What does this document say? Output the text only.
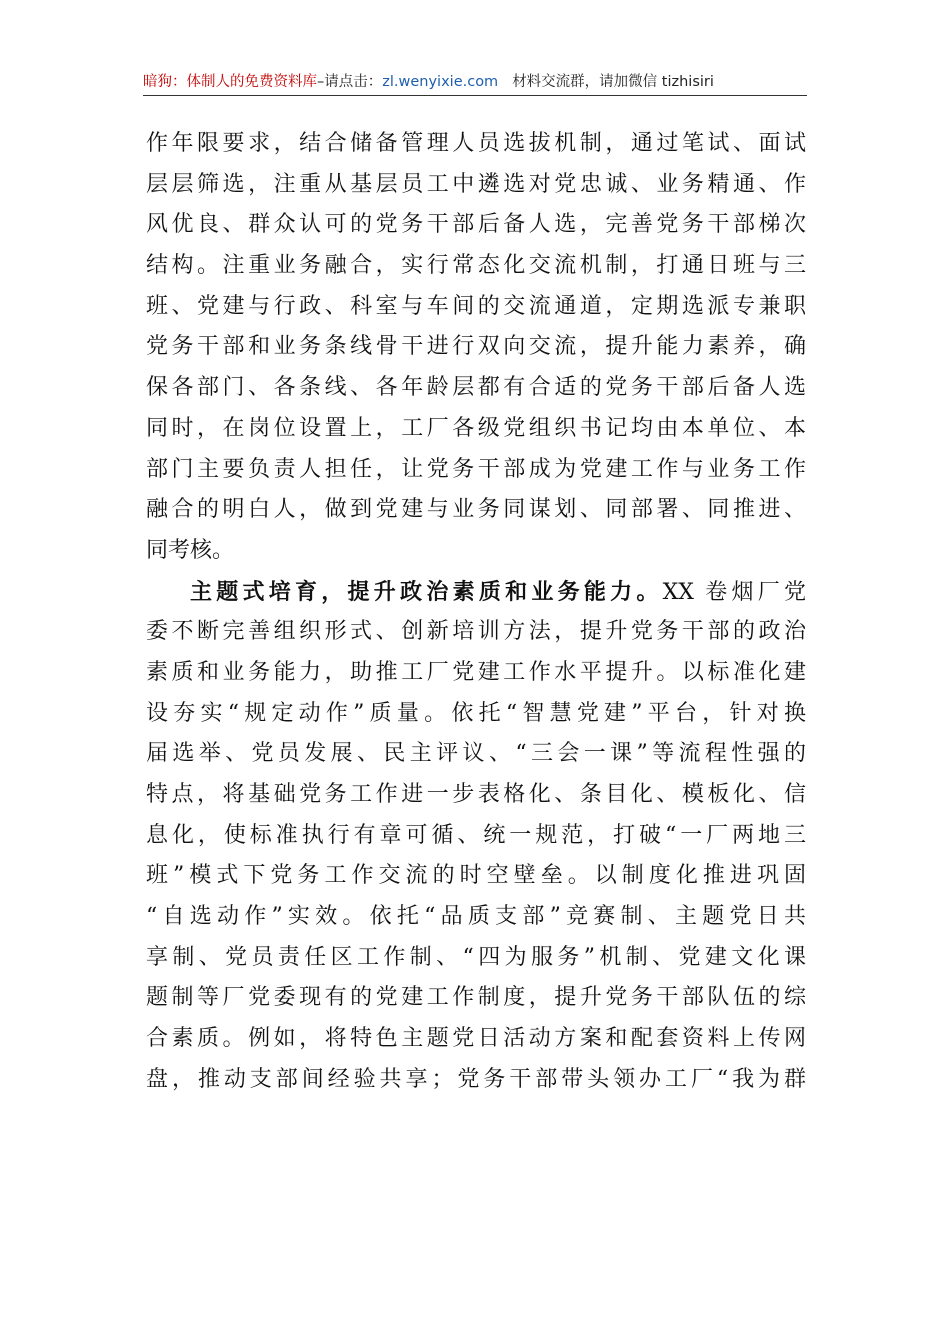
暗狗：体制人的免费资料库–请点击：zl.wenyixie.com 材料交流群，请加微信 tizhisiri
作年限要求，结合储备管理人员选拔机制，通过笔试、面试
层层筛选，注重从基层员工中遴选对党忠诚、业务精通、作
风优良、群众认可的党务干部后备人选，完善党务干部梯次
结构。注重业务融合，实行常态化交流机制，打通日班与三
班、党建与行政、科室与车间的交流通道，定期选派专兼职
党务干部和业务条线骨干进行双向交流，提升能力素养，确
保各部门、各条线、各年龄层都有合适的党务干部后备人选
同时，在岗位设置上，工厂各级党组织书记均由本单位、本
部门主要负责人担任，让党务干部成为党建工作与业务工作
融合的明白人，做到党建与业务同谋划、同部署、同推进、
同考核。
主题式培育，提升政治素质和业务能力。XX 卷烟厂党
委不断完善组织形式、创新培训方法，提升党务干部的政治
素质和业务能力，助推工厂党建工作水平提升。以标准化建
设夯实“规定动作”质量。依托“智慧党建”平台，针对换
届选举、党员发展、民主评议、“三会一课”等流程性强的
特点，将基础党务工作进一步表格化、条目化、模板化、信
息化，使标准执行有章可循、统一规范，打破“一厂两地三
班”模式下党务工作交流的时空壁垒。以制度化推进巩固
“自选动作”实效。依托“品质支部”竞赛制、主题党日共
享制、党员责任区工作制、“四为服务”机制、党建文化课
题制等厂党委现有的党建工作制度，提升党务干部队伍的综
合素质。例如，将特色主题党日活动方案和配套资料上传网
盘，推动支部间经验共享；党务干部带头领办工厂“我为群
